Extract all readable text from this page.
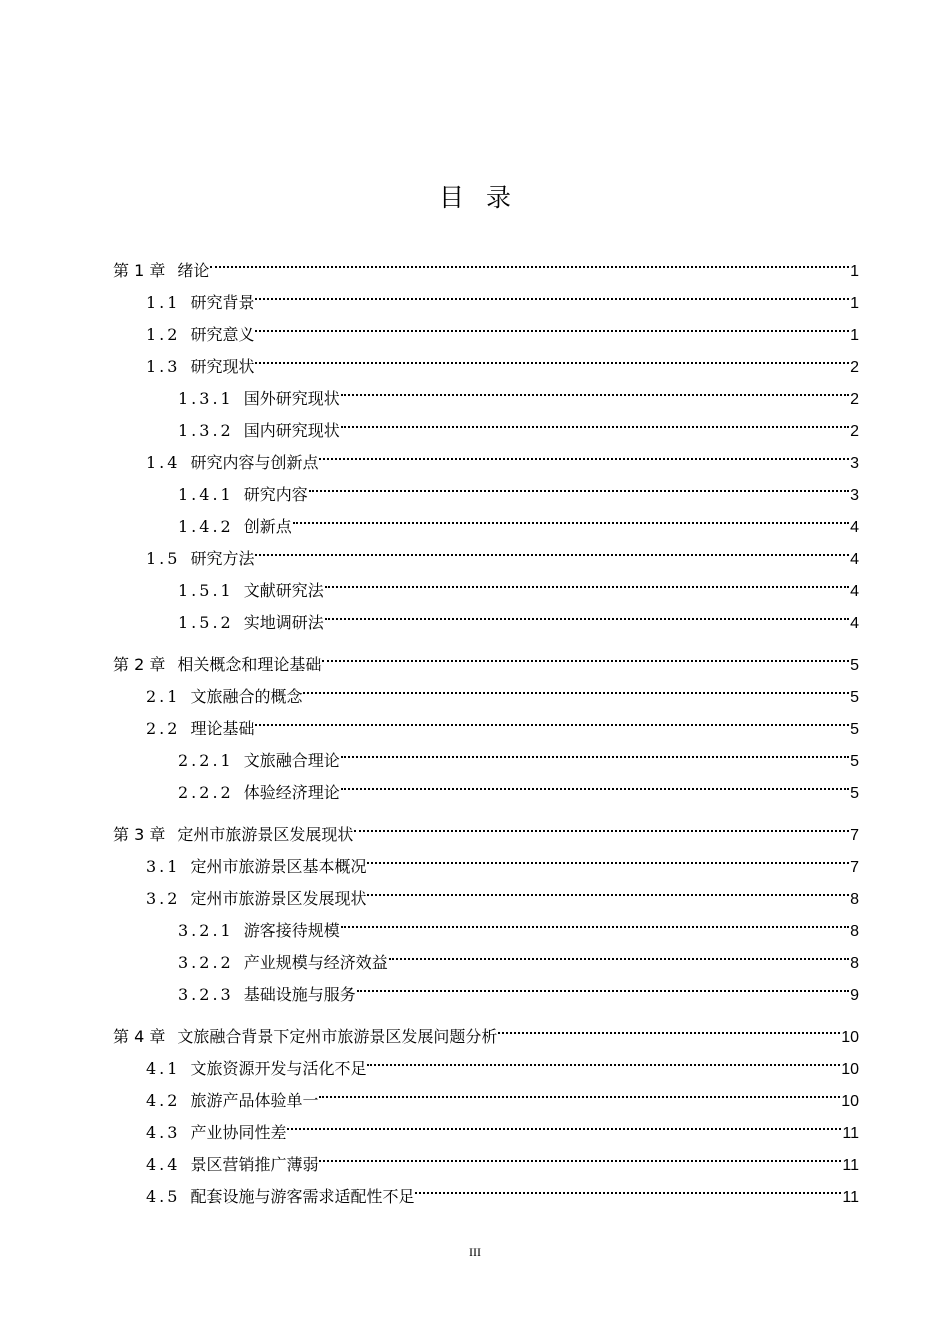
目录
第 1 章 绪论	1
1.1 研究背景	1
1.2 研究意义	1
1.3 研究现状	2
1.3.1 国外研究现状	2
1.3.2 国内研究现状	2
1.4 研究内容与创新点	3
1.4.1 研究内容	3
1.4.2 创新点	4
1.5 研究方法	4
1.5.1 文献研究法	4
1.5.2 实地调研法	4
第 2 章 相关概念和理论基础	5
2.1 文旅融合的概念	5
2.2 理论基础	5
2.2.1 文旅融合理论	5
2.2.2 体验经济理论	5
第 3 章 定州市旅游景区发展现状	7
3.1 定州市旅游景区基本概况	7
3.2 定州市旅游景区发展现状	8
3.2.1 游客接待规模	8
3.2.2 产业规模与经济效益	8
3.2.3 基础设施与服务	9
第 4 章 文旅融合背景下定州市旅游景区发展问题分析	10
4.1 文旅资源开发与活化不足	10
4.2 旅游产品体验单一	10
4.3 产业协同性差	11
4.4 景区营销推广薄弱	11
4.5 配套设施与游客需求适配性不足	11
III
